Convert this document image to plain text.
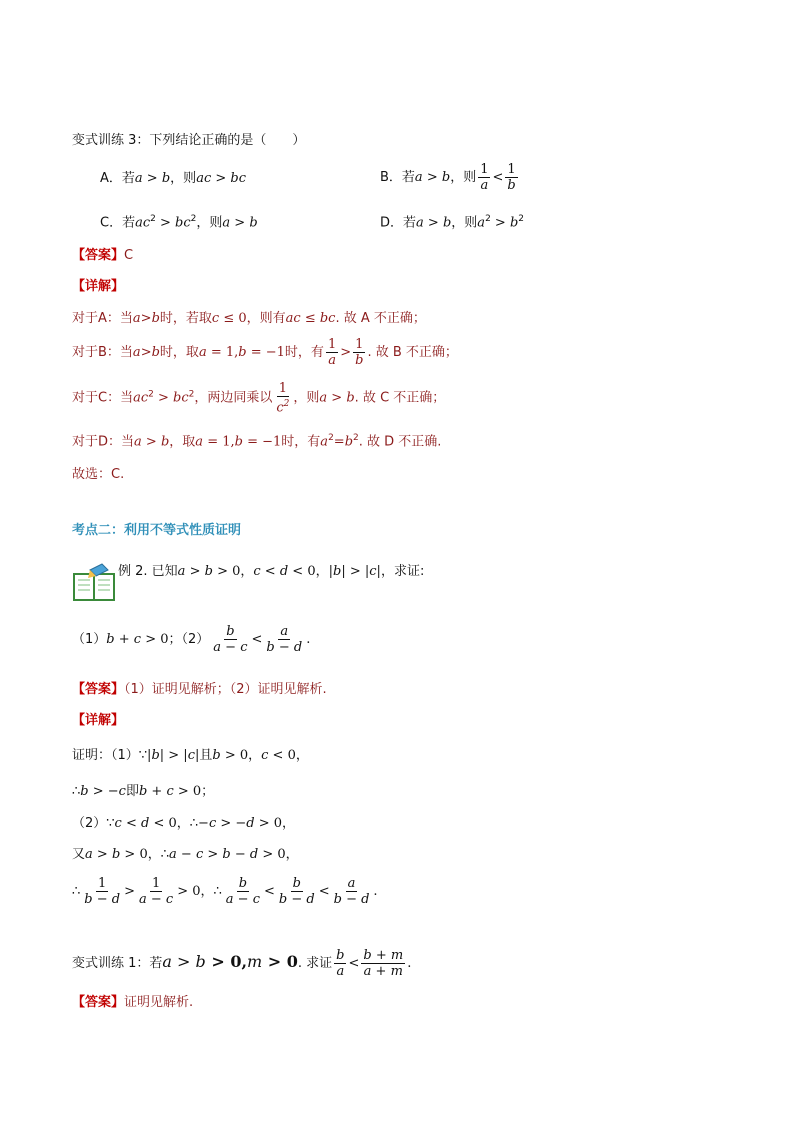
变式训练 3：下列结论正确的是（　　）
A．若a > b，则ac > bc	B．若a > b，则 $\frac{1}{a} < \frac{1}{b}$
C．若$ac^2 > bc^2$，则a > b	D．若a > b，则$a^2 > b^2$
【答案】C
【详解】
对于A：当a>b时，若取c ≤ 0，则有ac ≤ bc. 故 A 不正确；
对于B：当a>b时，取a = 1,b = −1时，有 $\frac{1}{a} > \frac{1}{b}$ . 故 B 不正确；
对于C：当$ac^2 > bc^2$，两边同乘以 $\frac{1}{c^2}$ ，则a > b. 故 C 不正确；
对于D：当a > b，取a = 1,b = −1时，有$a^2=b^2$. 故 D 不正确.
故选：C.
考点二：利用不等式性质证明
例 2. 已知a > b > 0，c < d < 0，|b| > |c|，求证:
（1）b + c > 0；$(2) \frac{b}{a - c} < \frac{a}{b - d}$ .
【答案】（1）证明见解析；（2）证明见解析.
【详解】
证明：（1）∵|b| > |c|且b > 0，c < 0，
∴b > −c即b + c > 0；
（2）∵c < d < 0，∴−c > −d > 0，
又a > b > 0，∴a − c > b − d > 0，
∴ $\frac{1}{b - d} > \frac{1}{a - c} > 0$，∴ $\frac{b}{a - c} < \frac{b}{b - d} < \frac{a}{b - d}$ .
变式训练 1：若a > b > 0,m > 0. 求证 $\frac{b}{a} < \frac{b + m}{a + m}$ .
【答案】证明见解析.
